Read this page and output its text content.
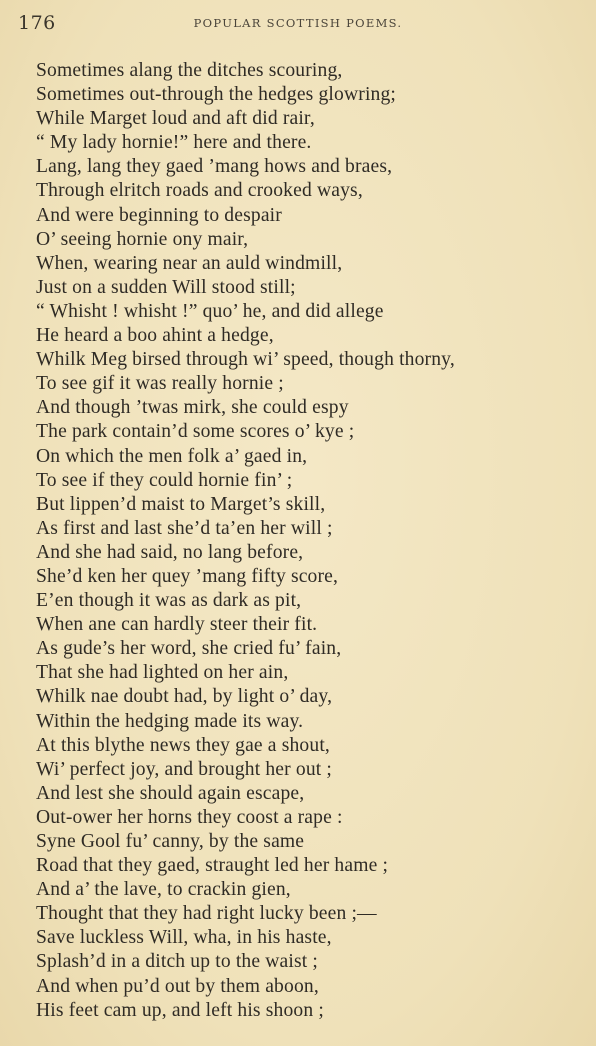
176	POPULAR SCOTTISH POEMS.
Sometimes alang the ditches scouring,
Sometimes out-through the hedges glowring;
While Marget loud and aft did rair,
“ My lady hornie!” here and there.
Lang, lang they gaed ’mang hows and braes,
Through elritch roads and crooked ways,
And were beginning to despair
O’ seeing hornie ony mair,
When, wearing near an auld windmill,
Just on a sudden Will stood still;
“ Whisht ! whisht !” quo’ he, and did allege
He heard a boo ahint a hedge,
Whilk Meg birsed through wi’ speed, though thorny,
To see gif it was really hornie ;
And though ’twas mirk, she could espy
The park contain’d some scores o’ kye ;
On which the men folk a’ gaed in,
To see if they could hornie fin’ ;
But lippen’d maist to Marget’s skill,
As first and last she’d ta’en her will ;
And she had said, no lang before,
She’d ken her quey ’mang fifty score,
E’en though it was as dark as pit,
When ane can hardly steer their fit.
As gude’s her word, she cried fu’ fain,
That she had lighted on her ain,
Whilk nae doubt had, by light o’ day,
Within the hedging made its way.
At this blythe news they gae a shout,
Wi’ perfect joy, and brought her out ;
And lest she should again escape,
Out-ower her horns they coost a rape :
Syne Gool fu’ canny, by the same
Road that they gaed, straught led her hame ;
And a’ the lave, to crackin gien,
Thought that they had right lucky been ;—
Save luckless Will, wha, in his haste,
Splash’d in a ditch up to the waist ;
And when pu’d out by them aboon,
His feet cam up, and left his shoon ;
